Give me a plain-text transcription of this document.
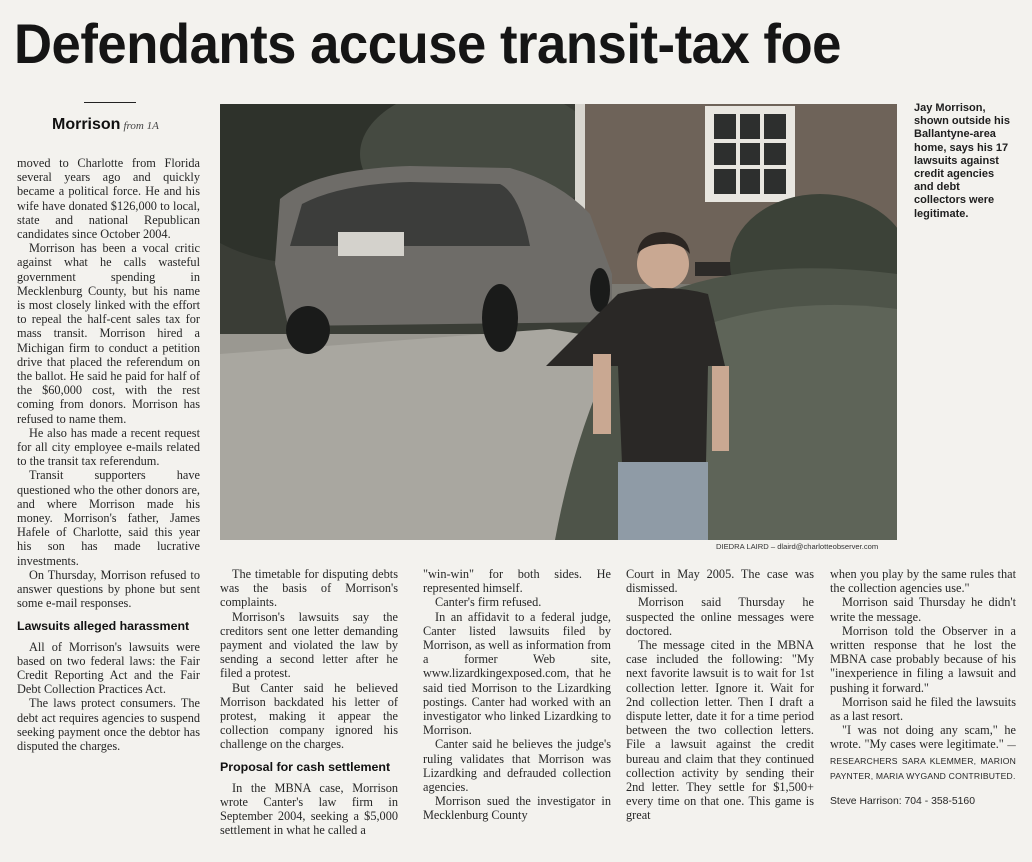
Defendants accuse transit-tax foe
Morrison from 1A

moved to Charlotte from Florida several years ago and quickly became a political force. He and his wife have donated $126,000 to local, state and national Republican candidates since October 2004.

Morrison has been a vocal critic against what he calls wasteful government spending in Mecklenburg County, but his name is most closely linked with the effort to repeal the half-cent sales tax for mass transit. Morrison hired a Michigan firm to conduct a petition drive that placed the referendum on the ballot. He said he paid for half of the $60,000 cost, with the rest coming from donors. Morrison has refused to name them.

He also has made a recent request for all city employee e-mails related to the transit tax referendum.

Transit supporters have questioned who the other donors are, and where Morrison made his money. Morrison's father, James Hafele of Charlotte, said this year his son has made lucrative investments.

On Thursday, Morrison refused to answer questions by phone but sent some e-mail responses.

Lawsuits alleged harassment

All of Morrison's lawsuits were based on two federal laws: the Fair Credit Reporting Act and the Fair Debt Collection Practices Act.

The laws protect consumers. The debt act requires agencies to suspend seeking payment once the debtor has disputed the charges.

DIEDRA LAIRD – dlaird@charlotteobserver.com
Jay Morrison, shown outside his Ballantyne-area home, says his 17 lawsuits against credit agencies and debt collectors were legitimate.

The timetable for disputing debts was the basis of Morrison's complaints.

Morrison's lawsuits say the creditors sent one letter demanding payment and violated the law by sending a second letter after he filed a protest.

But Canter said he believed Morrison backdated his letter of protest, making it appear the collection company ignored his challenge on the charges.

Proposal for cash settlement

In the MBNA case, Morrison wrote Canter's law firm in September 2004, seeking a $5,000 settlement in what he called a

"win-win" for both sides. He represented himself.

Canter's firm refused.

In an affidavit to a federal judge, Canter listed lawsuits filed by Morrison, as well as information from a former Web site, www.lizardkingexposed.com, that he said tied Morrison to the Lizardking postings. Canter had worked with an investigator who linked Lizardking to Morrison.

Canter said he believes the judge's ruling validates that Morrison was Lizardking and defrauded collection agencies.

Morrison sued the investigator in Mecklenburg County

Court in May 2005. The case was dismissed.

Morrison said Thursday he suspected the online messages were doctored.

The message cited in the MBNA case included the following: "My next favorite lawsuit is to wait for 1st collection letter. Ignore it. Wait for 2nd collection letter. Then I draft a dispute letter, date it for a time period between the two collection letters. File a lawsuit against the credit bureau and claim that they continued collection activity by sending their 2nd letter. They settle for $1,500+ every time on that one. This game is great

when you play by the same rules that the collection agencies use."

Morrison said Thursday he didn't write the message.

Morrison told the Observer in a written response that he lost the MBNA case probably because of his "inexperience in filing a lawsuit and pushing it forward."

Morrison said he filed the lawsuits as a last resort.

"I was not doing any scam," he wrote. "My cases were legitimate." — RESEARCHERS SARA KLEMMER, MARION PAYNTER, MARIA WYGAND CONTRIBUTED.

Steve Harrison: 704 - 358-5160
